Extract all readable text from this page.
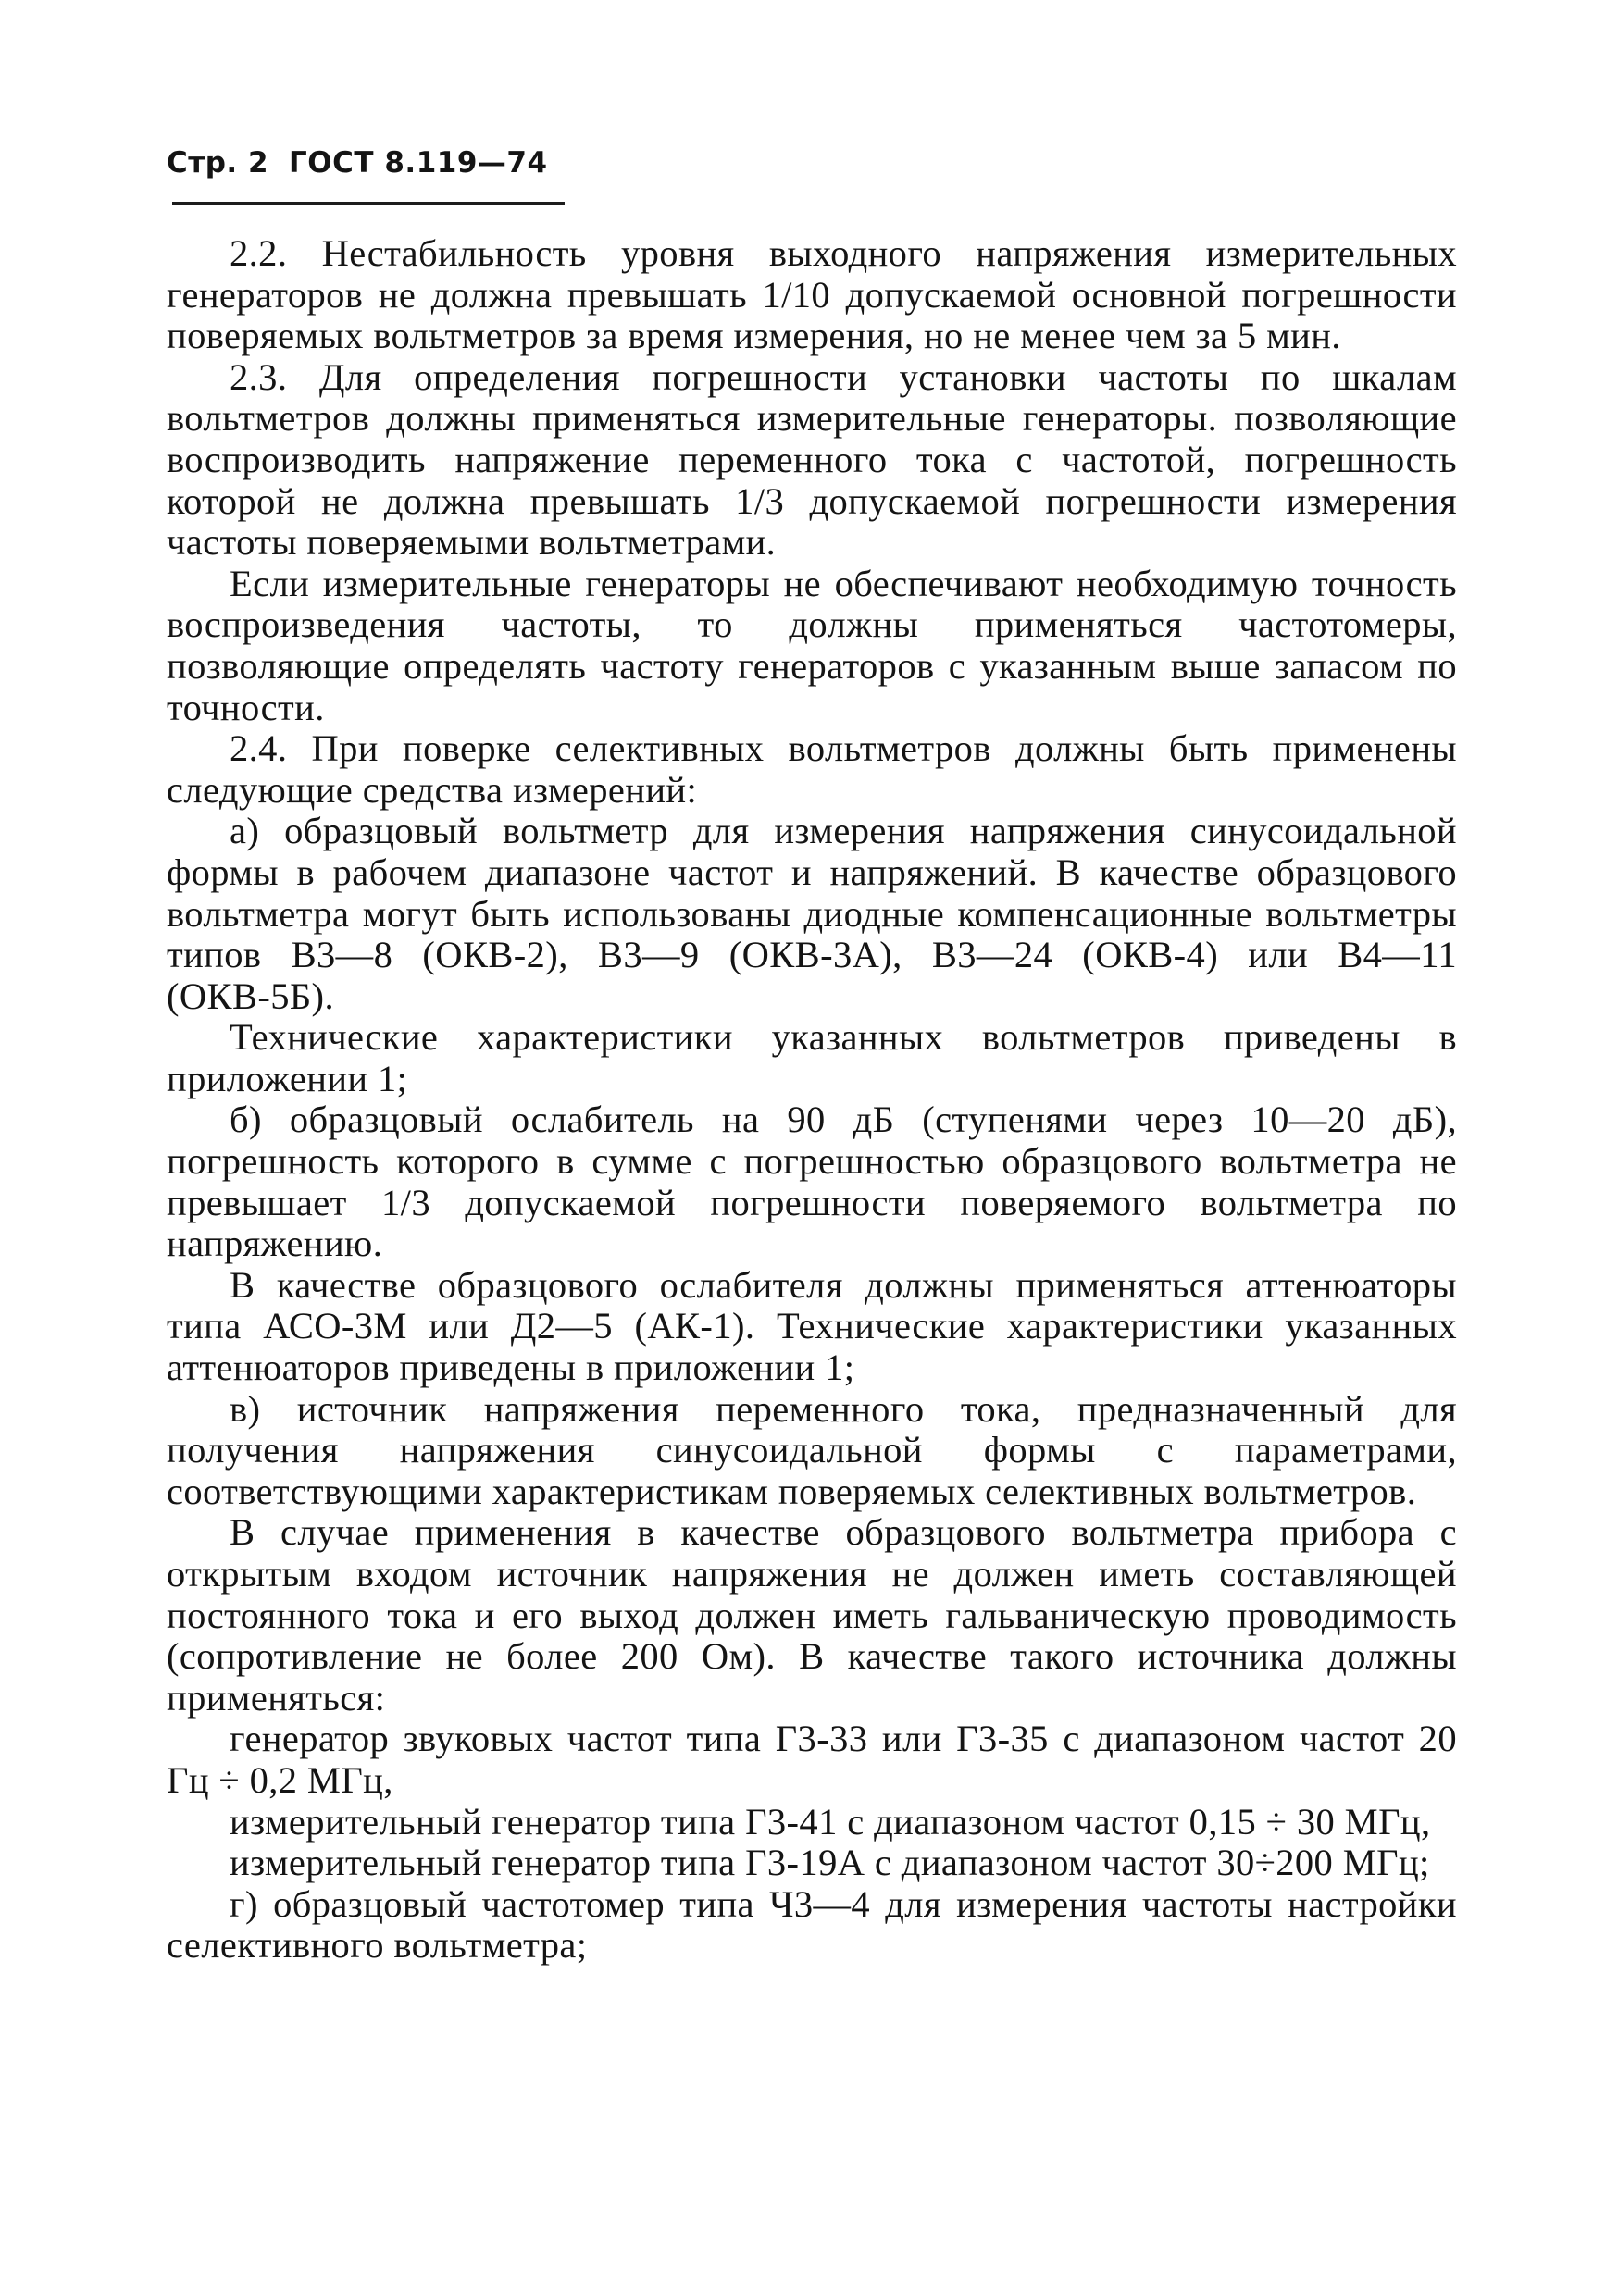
Стр. 2 ГОСТ 8.119—74

2.2. Нестабильность уровня выходного напряжения измерительных генераторов не должна превышать 1/10 допускаемой основной погрешности поверяемых вольтметров за время измерения, но не менее чем за 5 мин.

2.3. Для определения погрешности установки частоты по шкалам вольтметров должны применяться измерительные генераторы. позволяющие воспроизводить напряжение переменного тока с частотой, погрешность которой не должна превышать 1/3 допускаемой погрешности измерения частоты поверяемыми вольтметрами.

Если измерительные генераторы не обеспечивают необходимую точность воспроизведения частоты, то должны применяться частотомеры, позволяющие определять частоту генераторов с указанным выше запасом по точности.

2.4. При поверке селективных вольтметров должны быть применены следующие средства измерений:

а) образцовый вольтметр для измерения напряжения синусоидальной формы в рабочем диапазоне частот и напряжений. В качестве образцового вольтметра могут быть использованы диодные компенсационные вольтметры типов В3—8 (ОКВ-2), В3—9 (ОКВ-3А), В3—24 (ОКВ-4) или В4—11 (ОКВ-5Б).

Технические характеристики указанных вольтметров приведены в приложении 1;

б) образцовый ослабитель на 90 дБ (ступенями через 10—20 дБ), погрешность которого в сумме с погрешностью образцового вольтметра не превышает 1/3 допускаемой погрешности поверяемого вольтметра по напряжению.

В качестве образцового ослабителя должны применяться аттенюаторы типа АСО-3М или Д2—5 (АК-1). Технические характеристики указанных аттенюаторов приведены в приложении 1;

в) источник напряжения переменного тока, предназначенный для получения напряжения синусоидальной формы с параметрами, соответствующими характеристикам поверяемых селективных вольтметров.

В случае применения в качестве образцового вольтметра прибора с открытым входом источник напряжения не должен иметь составляющей постоянного тока и его выход должен иметь гальваническую проводимость (сопротивление не более 200 Ом). В качестве такого источника должны применяться:

генератор звуковых частот типа Г3-33 или Г3-35 с диапазоном частот 20 Гц ÷ 0,2 МГц,

измерительный генератор типа Г3-41 с диапазоном частот 0,15 ÷ 30 МГц,

измерительный генератор типа Г3-19А с диапазоном частот 30÷200 МГц;

г) образцовый частотомер типа Ч3—4 для измерения частоты настройки селективного вольтметра;
